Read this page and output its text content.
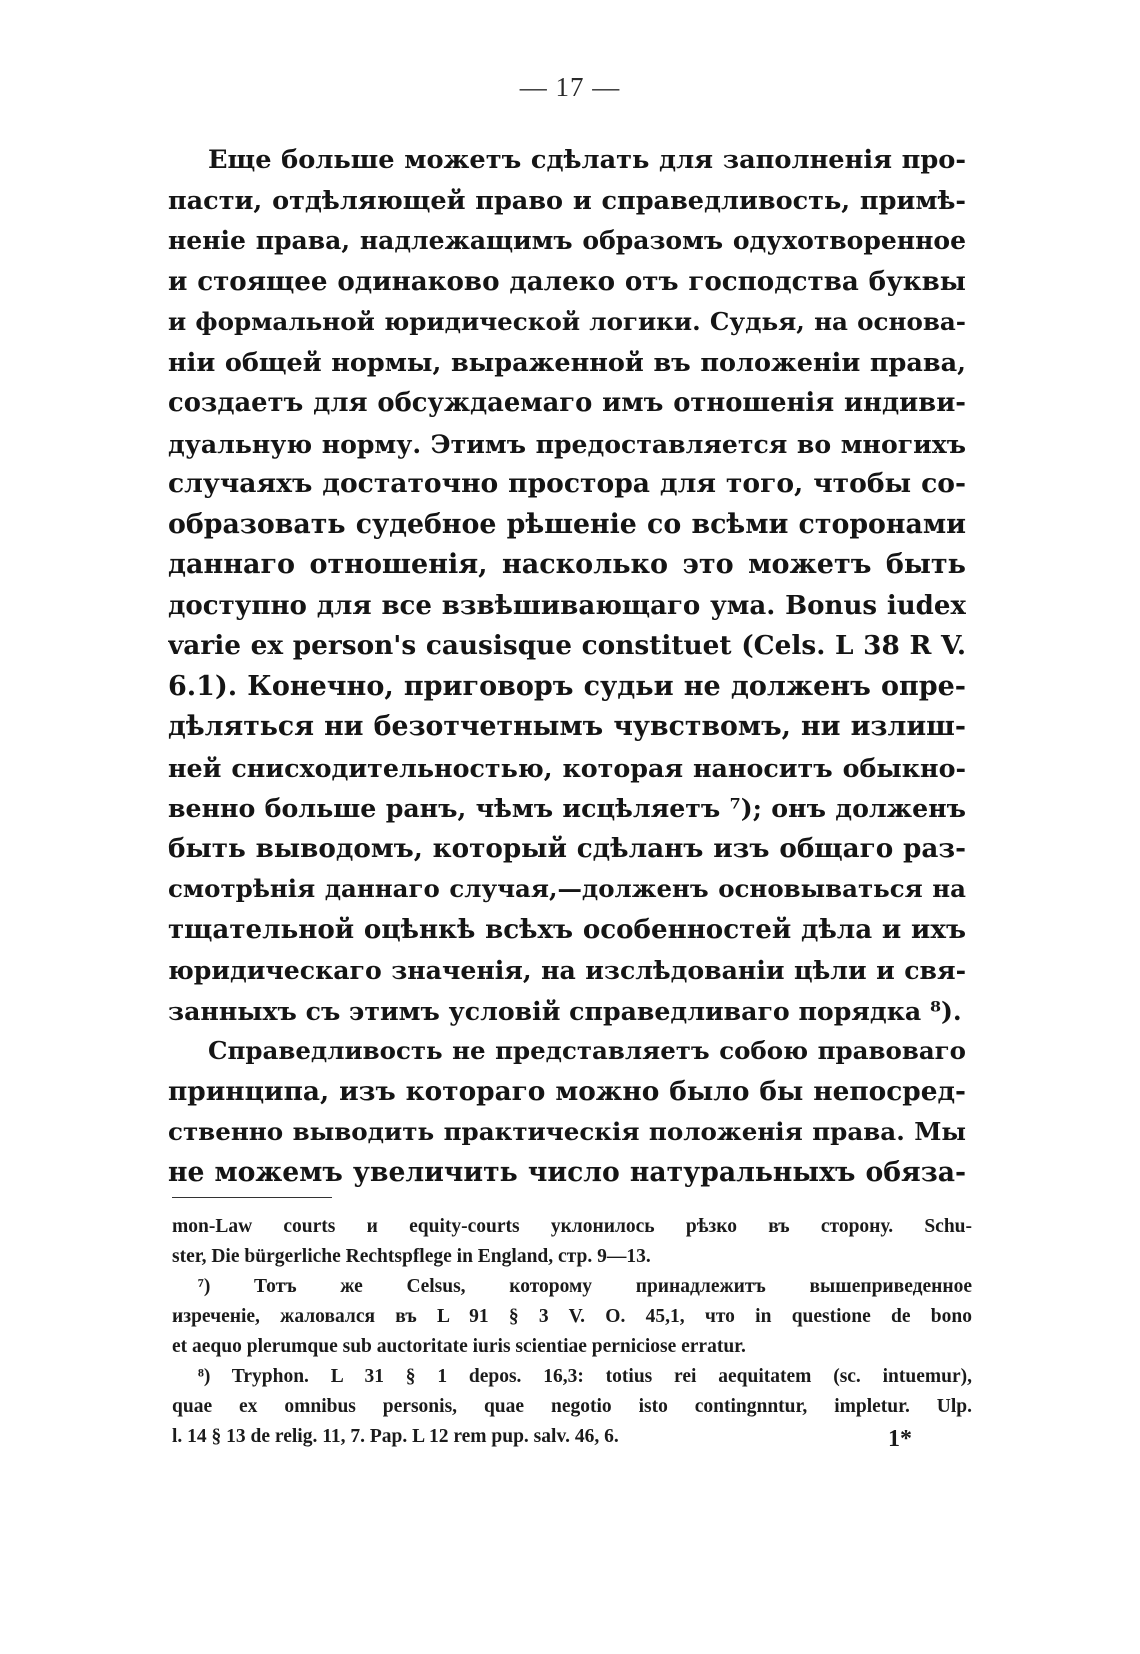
— 17 —

Еще больше можетъ сдѣлать для заполненія про-
пасти, отдѣляющей право и справедливость, примѣ-
неніе права, надлежащимъ образомъ одухотворенное
и стоящее одинаково далеко отъ господства буквы
и формальной юридической логики. Судья, на основа-
ніи общей нормы, выраженной въ положеніи права,
создаетъ для обсуждаемаго имъ отношенія индиви-
дуальную норму. Этимъ предоставляется во многихъ
случаяхъ достаточно простора для того, чтобы со-
образовать судебное рѣшеніе со всѣми сторонами
даннаго отношенія, насколько это можетъ быть
доступно для все взвѣшивающаго ума. Bonus iudex
varie ex person's causisque constituet (Cels. L 38 R V.
6.1). Конечно, приговоръ судьи не долженъ опре-
дѣляться ни безотчетнымъ чувствомъ, ни излиш-
ней снисходительностью, которая наноситъ обыкно-
венно больше ранъ, чѣмъ исцѣляетъ ⁷); онъ долженъ
быть выводомъ, который сдѣланъ изъ общаго раз-
смотрѣнія даннаго случая,—долженъ основываться на
тщательной оцѣнкѣ всѣхъ особенностей дѣла и ихъ
юридическаго значенія, на изслѣдованіи цѣли и свя-
занныхъ съ этимъ условій справедливаго порядка ⁸).

Справедливость не представляетъ собою правоваго
принципа, изъ котораго можно было бы непосред-
ственно выводить практическія положенія права. Мы
не можемъ увеличить число натуральныхъ обяза-

mon-Law courts и equity-courts уклонилось рѣзко въ сторону. Schu-
ster, Die bürgerliche Rechtspflege in England, стр. 9—13.
⁷) Тотъ же Celsus, которому принадлежитъ вышеприведенное
изреченіе, жаловался въ L 91 § 3 V. O. 45,1, что in questione de bono
et aequo plerumque sub auctoritate iuris scientiae perniciose erratur.
⁸) Tryphon. L 31 § 1 depos. 16,3: totius rei aequitatem (sc. intuemur),
quae ex omnibus personis, quae negotio isto contingnntur, impletur. Ulp.
l. 14 § 13 de relig. 11, 7. Pap. L 12 rem pup. salv. 46, 6.	1*
